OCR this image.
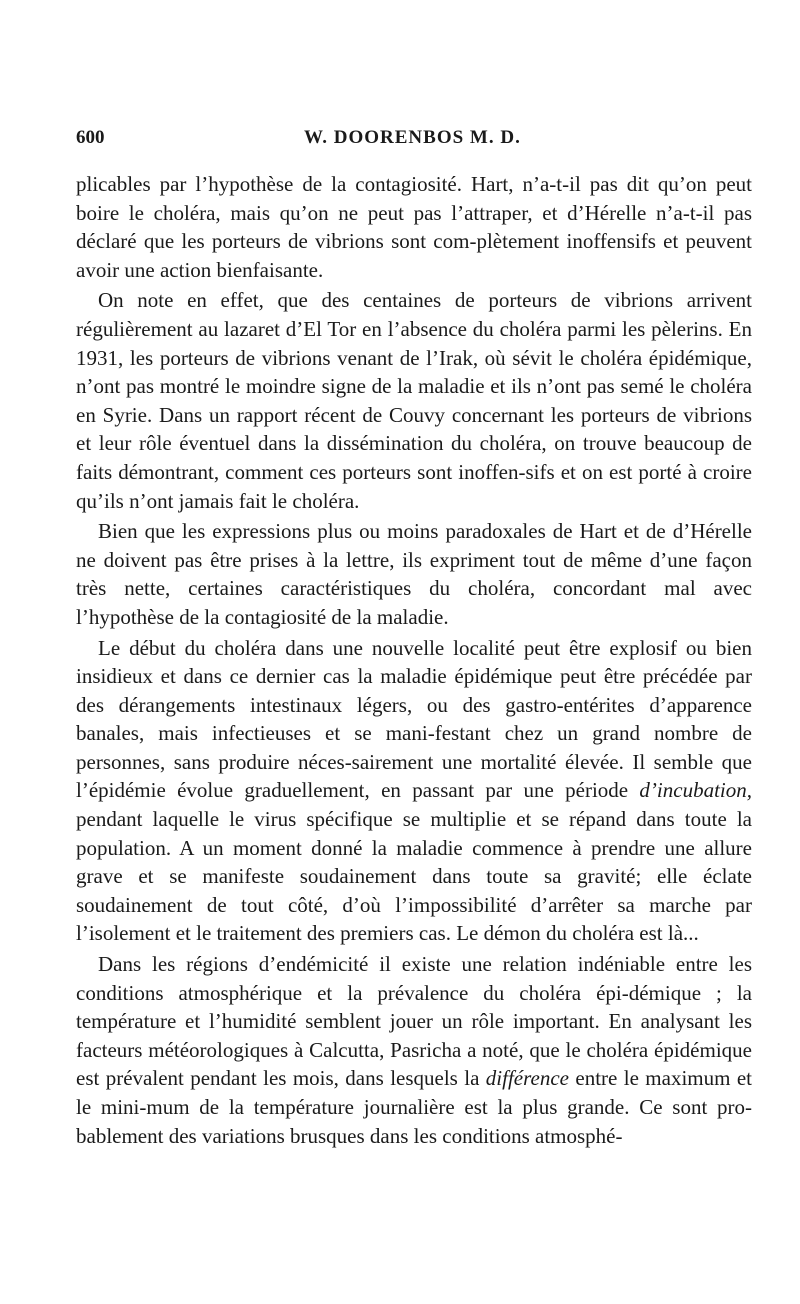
600	W. DOORENBOS M. D.

plicables par l’hypothèse de la contagiosité. Hart, n’a-t-il pas dit qu’on peut boire le choléra, mais qu’on ne peut pas l’attraper, et d’Hérelle n’a-t-il pas déclaré que les porteurs de vibrions sont com-plètement inoffensifs et peuvent avoir une action bienfaisante.

On note en effet, que des centaines de porteurs de vibrions arrivent régulièrement au lazaret d’El Tor en l’absence du choléra parmi les pèlerins. En 1931, les porteurs de vibrions venant de l’Irak, où sévit le choléra épidémique, n’ont pas montré le moindre signe de la maladie et ils n’ont pas semé le choléra en Syrie. Dans un rapport récent de Couvy concernant les porteurs de vibrions et leur rôle éventuel dans la dissémination du choléra, on trouve beaucoup de faits démontrant, comment ces porteurs sont inoffen-sifs et on est porté à croire qu’ils n’ont jamais fait le choléra.

Bien que les expressions plus ou moins paradoxales de Hart et de d’Hérelle ne doivent pas être prises à la lettre, ils expriment tout de même d’une façon très nette, certaines caractéristiques du choléra, concordant mal avec l’hypothèse de la contagiosité de la maladie.

Le début du choléra dans une nouvelle localité peut être explosif ou bien insidieux et dans ce dernier cas la maladie épidémique peut être précédée par des dérangements intestinaux légers, ou des gastro-entérites d’apparence banales, mais infectieuses et se mani-festant chez un grand nombre de personnes, sans produire néces-sairement une mortalité élevée. Il semble que l’épidémie évolue graduellement, en passant par une période d’incubation, pendant laquelle le virus spécifique se multiplie et se répand dans toute la population. A un moment donné la maladie commence à prendre une allure grave et se manifeste soudainement dans toute sa gravité; elle éclate soudainement de tout côté, d’où l’impossibilité d’arrêter sa marche par l’isolement et le traitement des premiers cas. Le démon du choléra est là...

Dans les régions d’endémicité il existe une relation indéniable entre les conditions atmosphérique et la prévalence du choléra épi-démique ; la température et l’humidité semblent jouer un rôle important. En analysant les facteurs météorologiques à Calcutta, Pasricha a noté, que le choléra épidémique est prévalent pendant les mois, dans lesquels la différence entre le maximum et le mini-mum de la température journalière est la plus grande. Ce sont pro-bablement des variations brusques dans les conditions atmosphé-
